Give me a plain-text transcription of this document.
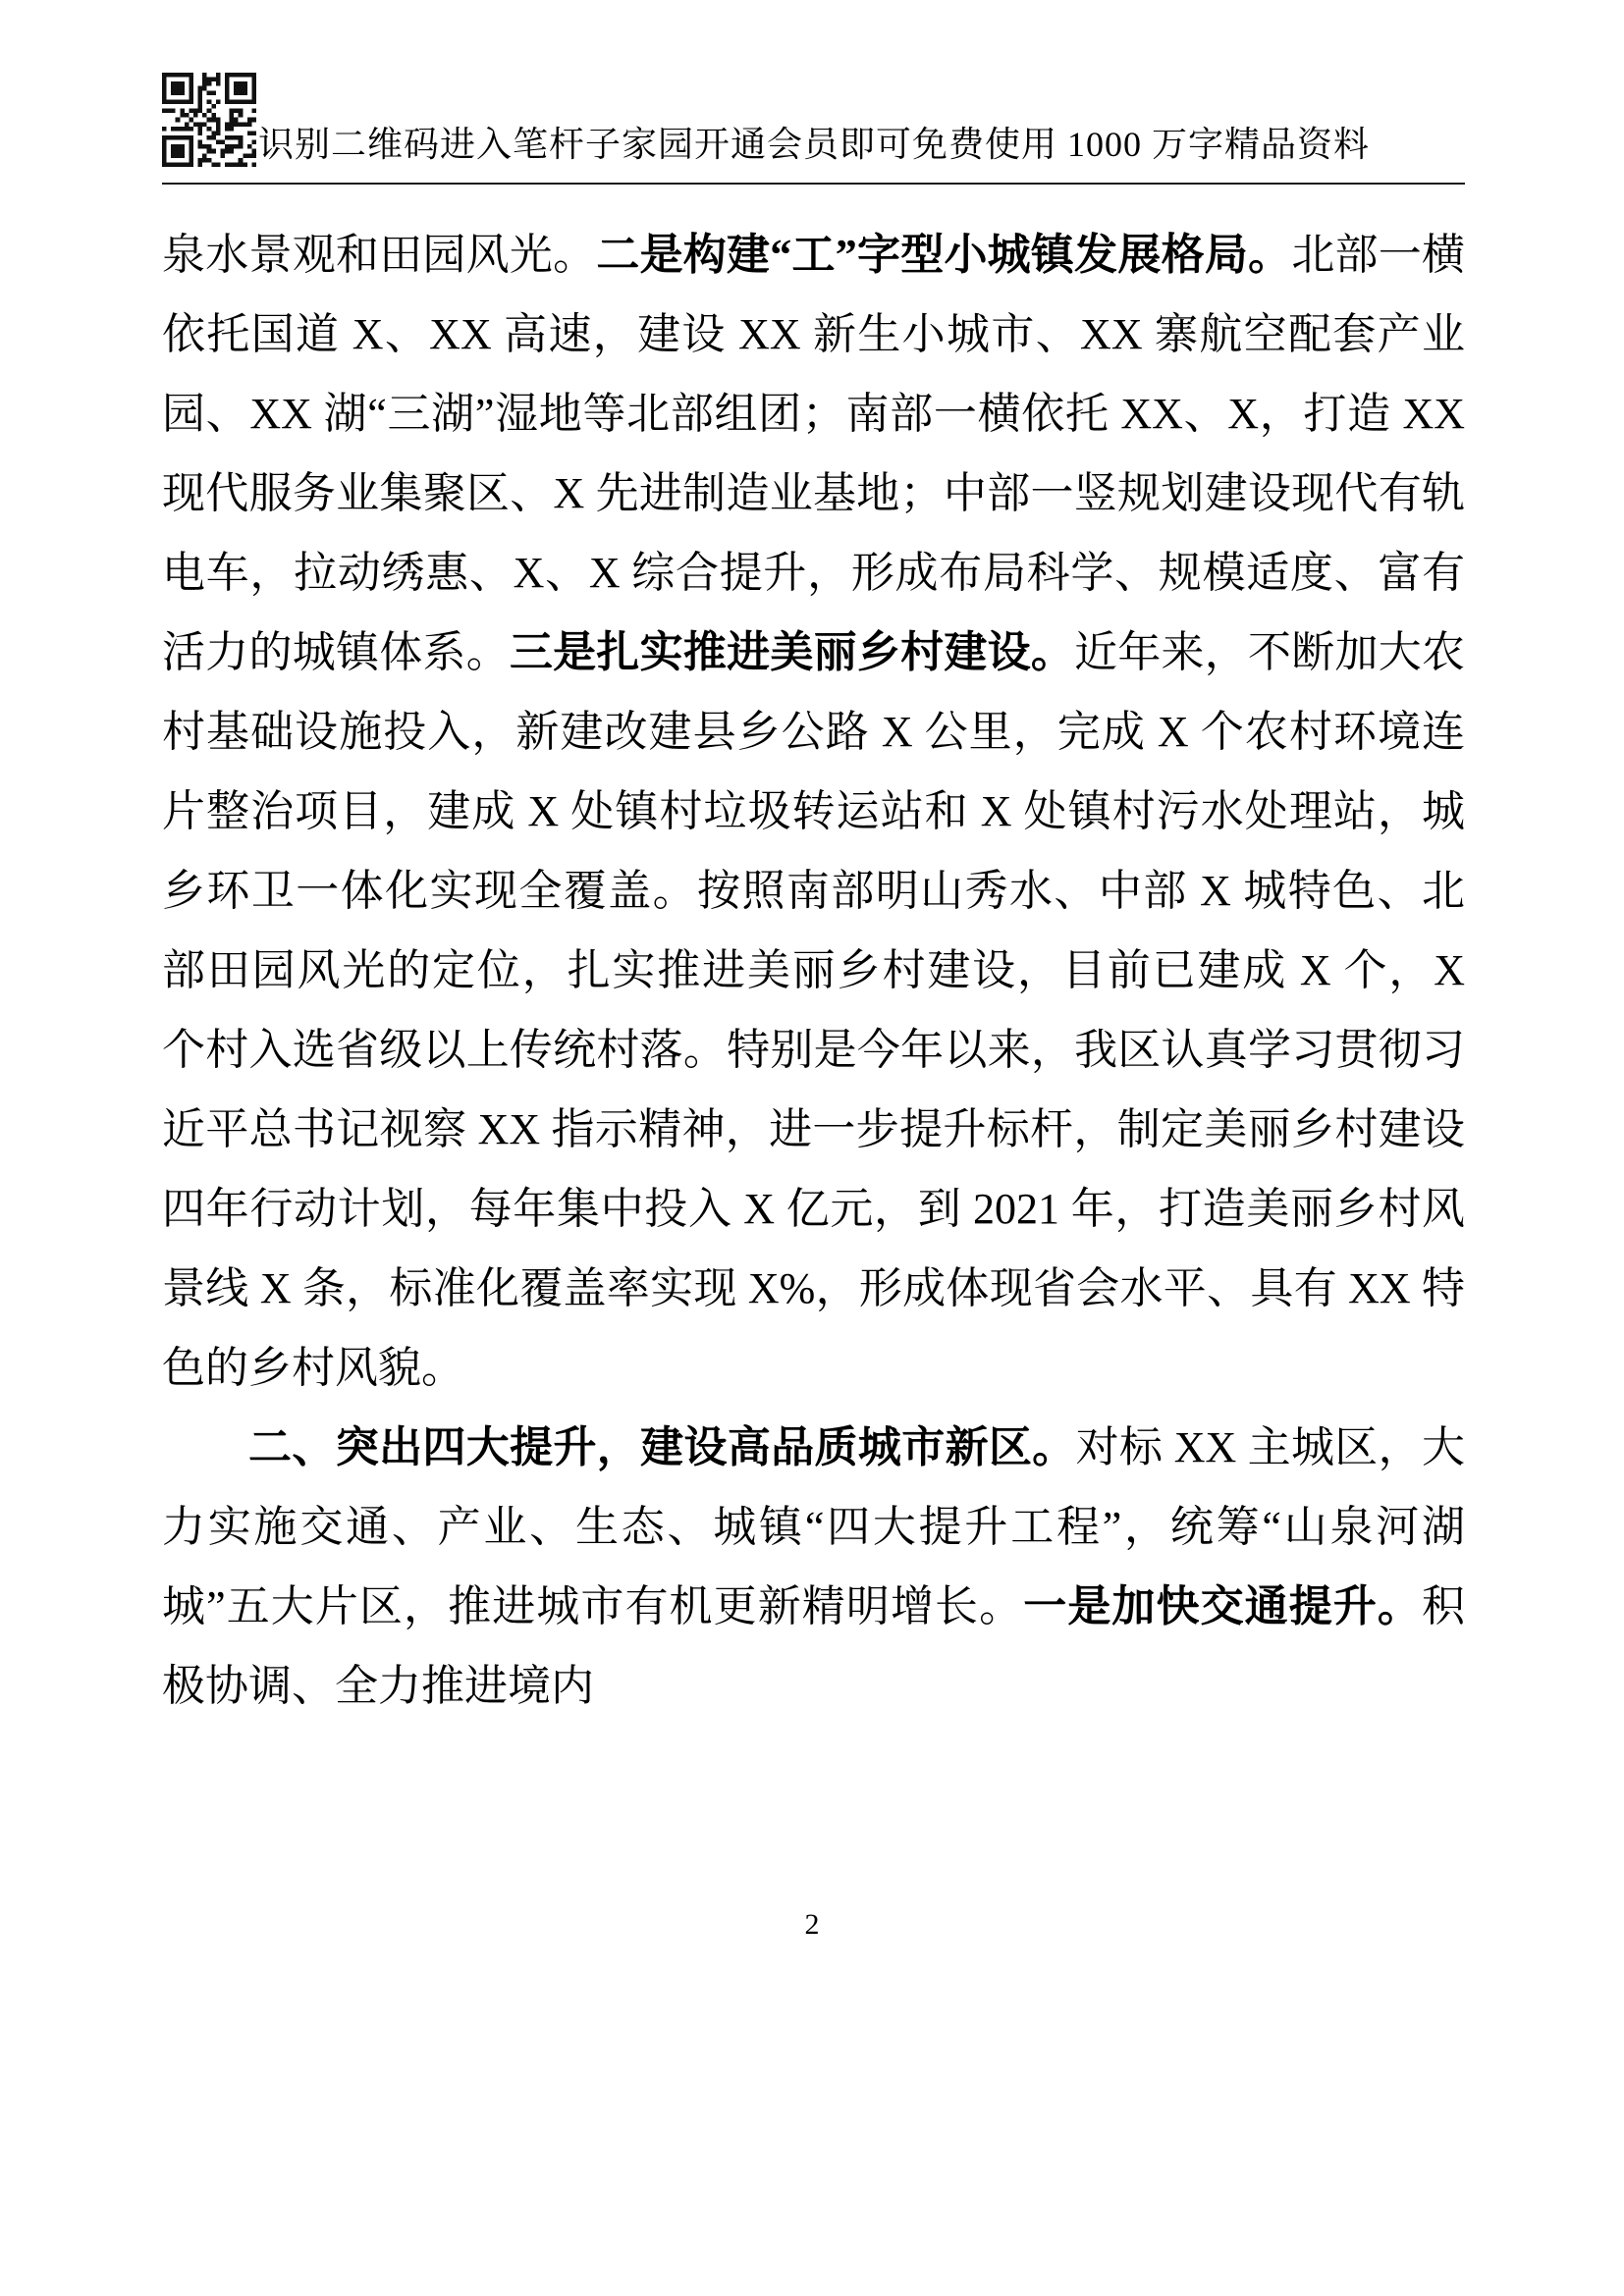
识别二维码进入笔杆子家园开通会员即可免费使用 1000 万字精品资料

泉水景观和田园风光。二是构建“工”字型小城镇发展格局。北部一横依托国道 X、XX 高速，建设 XX 新生小城市、XX 寨航空配套产业园、XX 湖“三湖”湿地等北部组团；南部一横依托 XX、X，打造 XX 现代服务业集聚区、X 先进制造业基地；中部一竖规划建设现代有轨电车，拉动绣惠、X、X 综合提升，形成布局科学、规模适度、富有活力的城镇体系。三是扎实推进美丽乡村建设。近年来，不断加大农村基础设施投入，新建改建县乡公路 X 公里，完成 X 个农村环境连片整治项目，建成 X 处镇村垃圾转运站和 X 处镇村污水处理站，城乡环卫一体化实现全覆盖。按照南部明山秀水、中部 X 城特色、北部田园风光的定位，扎实推进美丽乡村建设，目前已建成 X 个，X 个村入选省级以上传统村落。特别是今年以来，我区认真学习贯彻习近平总书记视察 XX 指示精神，进一步提升标杆，制定美丽乡村建设四年行动计划，每年集中投入 X 亿元，到 2021 年，打造美丽乡村风景线 X 条，标准化覆盖率实现 X%，形成体现省会水平、具有 XX 特色的乡村风貌。

二、突出四大提升，建设高品质城市新区。对标 XX 主城区，大力实施交通、产业、生态、城镇“四大提升工程”，统筹“山泉河湖城”五大片区，推进城市有机更新精明增长。一是加快交通提升。积极协调、全力推进境内

2
